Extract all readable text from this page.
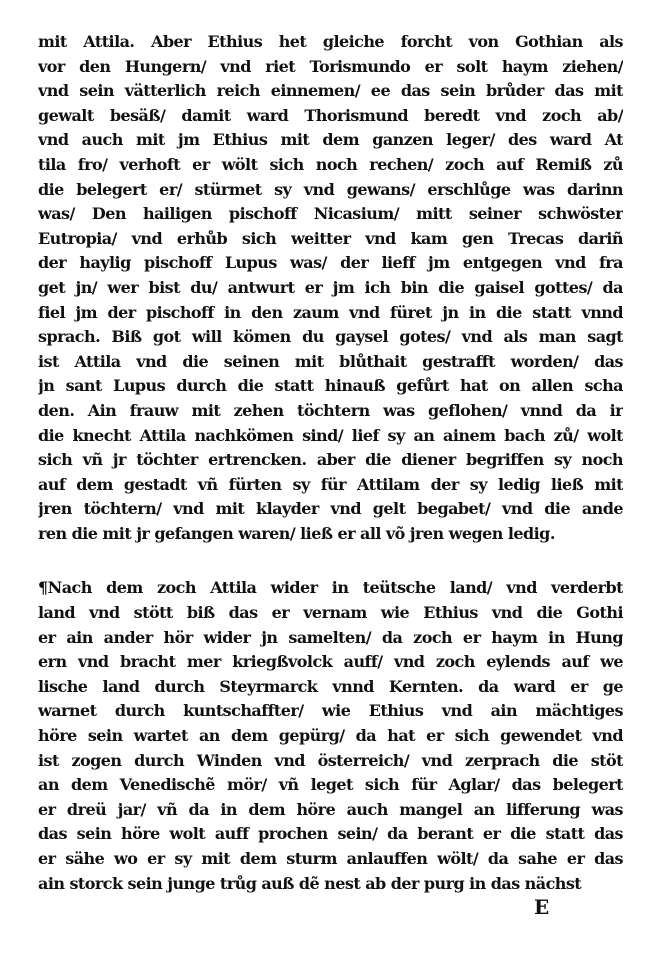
mit Attila. Aber Ethius het gleiche forcht von Gothian als
vor den Hungern/ vnd riet Torismundo er solt haym ziehen/
vnd sein vätterlich reich einnemen/ ee das sein brůder das mit
gewalt besäß/ damit ward Thorismund beredt vnd zoch ab/
vnd auch mit jm Ethius mit dem ganzen leger/ des ward At
tila fro/ verhoft er wölt sich noch rechen/ zoch auf Remiß zů
die belegert er/ stürmet sy vnd gewans/ erschlůge was darinn
was/ Den hailigen pischoff Nicasium/ mitt seiner schwöster
Eutropia/ vnd erhůb sich weitter vnd kam gen Trecas dariñ
der haylig pischoff Lupus was/ der lieff jm entgegen vnd fra
get jn/ wer bist du/ antwurt er jm ich bin die gaisel gottes/ da
fiel jm der pischoff in den zaum vnd füret jn in die statt vnnd
sprach. Biß got will kömen du gaysel gotes/ vnd als man sagt
ist Attila vnd die seinen mit blůthait gestrafft worden/ das
jn sant Lupus durch die statt hinauß gefůrt hat on allen scha
den. Ain frauw mit zehen töchtern was geflohen/ vnnd da ir
die knecht Attila nachkömen sind/ lief sy an ainem bach zů/ wolt
sich vñ jr töchter ertrencken. aber die diener begriffen sy noch
auf dem gestadt vñ fürten sy für Attilam der sy ledig ließ mit
jren töchtern/ vnd mit klayder vnd gelt begabet/ vnd die ande
ren die mit jr gefangen waren/ ließ er all võ jren wegen ledig.
¶Nach dem zoch Attila wider in teütsche land/ vnd verderbt
land vnd stött biß das er vernam wie Ethius vnd die Gothi
er ain ander hör wider jn samelten/ da zoch er haym in Hung
ern vnd bracht mer kriegßvolck auff/ vnd zoch eylends auf we
lische land durch Steyrmarck vnnd Kernten. da ward er ge
warnet durch kuntschaffter/ wie Ethius vnd ain mächtiges
höre sein wartet an dem gepürg/ da hat er sich gewendet vnd
ist zogen durch Winden vnd österreich/ vnd zerprach die stöt
an dem Venedischẽ mör/ vñ leget sich für Aglar/ das belegert
er dreü jar/ vñ da in dem höre auch mangel an lifferung was
das sein höre wolt auff prochen sein/ da berant er die statt das
er sähe wo er sy mit dem sturm anlauffen wölt/ da sahe er das
ain storck sein junge trůg auß dẽ nest ab der purg in das nächst
E
